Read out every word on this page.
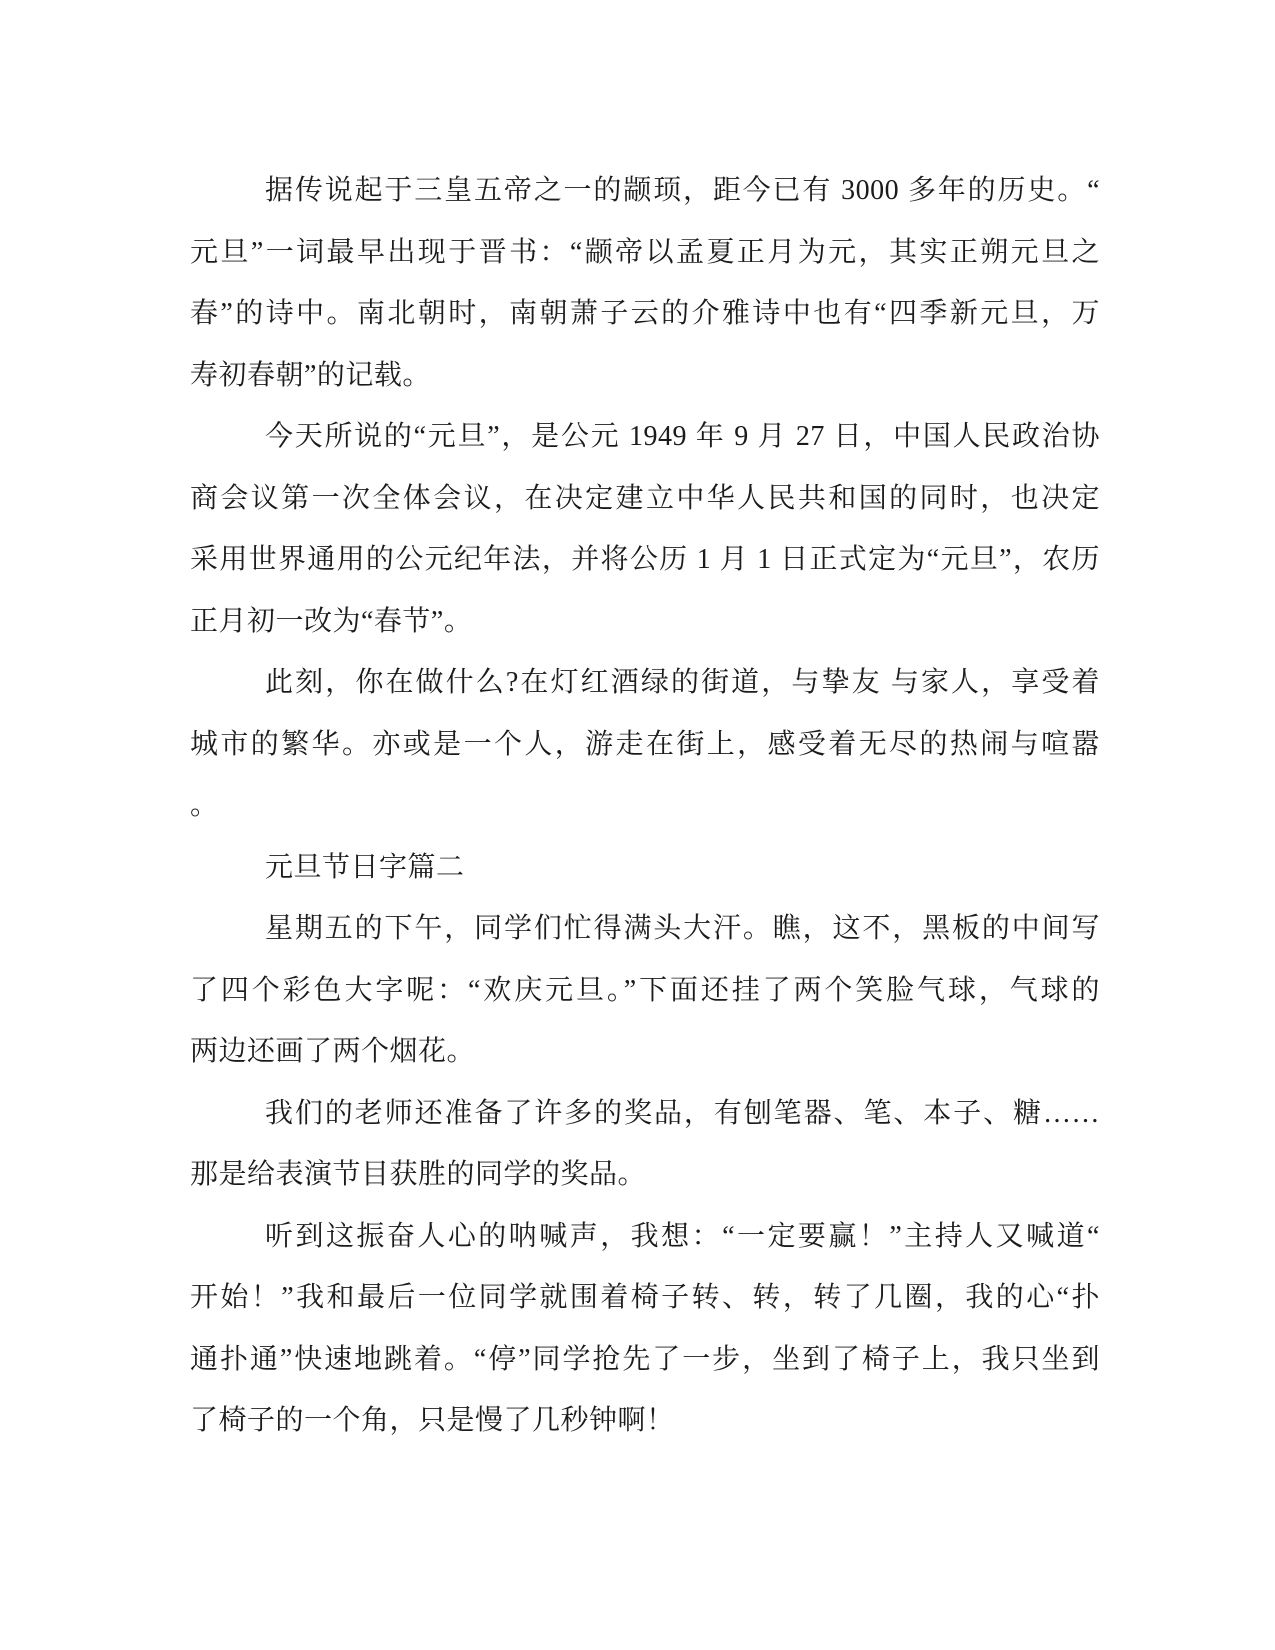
据传说起于三皇五帝之一的颛顼，距今已有 3000 多年的历史。“
元旦”一词最早出现于晋书：“颛帝以孟夏正月为元，其实正朔元旦之
春”的诗中。南北朝时，南朝萧子云的介雅诗中也有“四季新元旦，万
寿初春朝”的记载。

今天所说的“元旦”，是公元 1949 年 9 月 27 日，中国人民政治协
商会议第一次全体会议，在决定建立中华人民共和国的同时，也决定
采用世界通用的公元纪年法，并将公历 1 月 1 日正式定为“元旦”，农历
正月初一改为“春节”。

此刻，你在做什么?在灯红酒绿的街道，与挚友 与家人，享受着
城市的繁华。亦或是一个人，游走在街上，感受着无尽的热闹与喧嚣
。

元旦节日字篇二

星期五的下午，同学们忙得满头大汗。瞧，这不，黑板的中间写
了四个彩色大字呢：“欢庆元旦。”下面还挂了两个笑脸气球，气球的
两边还画了两个烟花。

我们的老师还准备了许多的奖品，有刨笔器、笔、本子、糖……
那是给表演节目获胜的同学的奖品。

听到这振奋人心的呐喊声，我想：“一定要赢！”主持人又喊道“
开始！”我和最后一位同学就围着椅子转、转，转了几圈，我的心“扑
通扑通”快速地跳着。“停”同学抢先了一步，坐到了椅子上，我只坐到
了椅子的一个角，只是慢了几秒钟啊！
